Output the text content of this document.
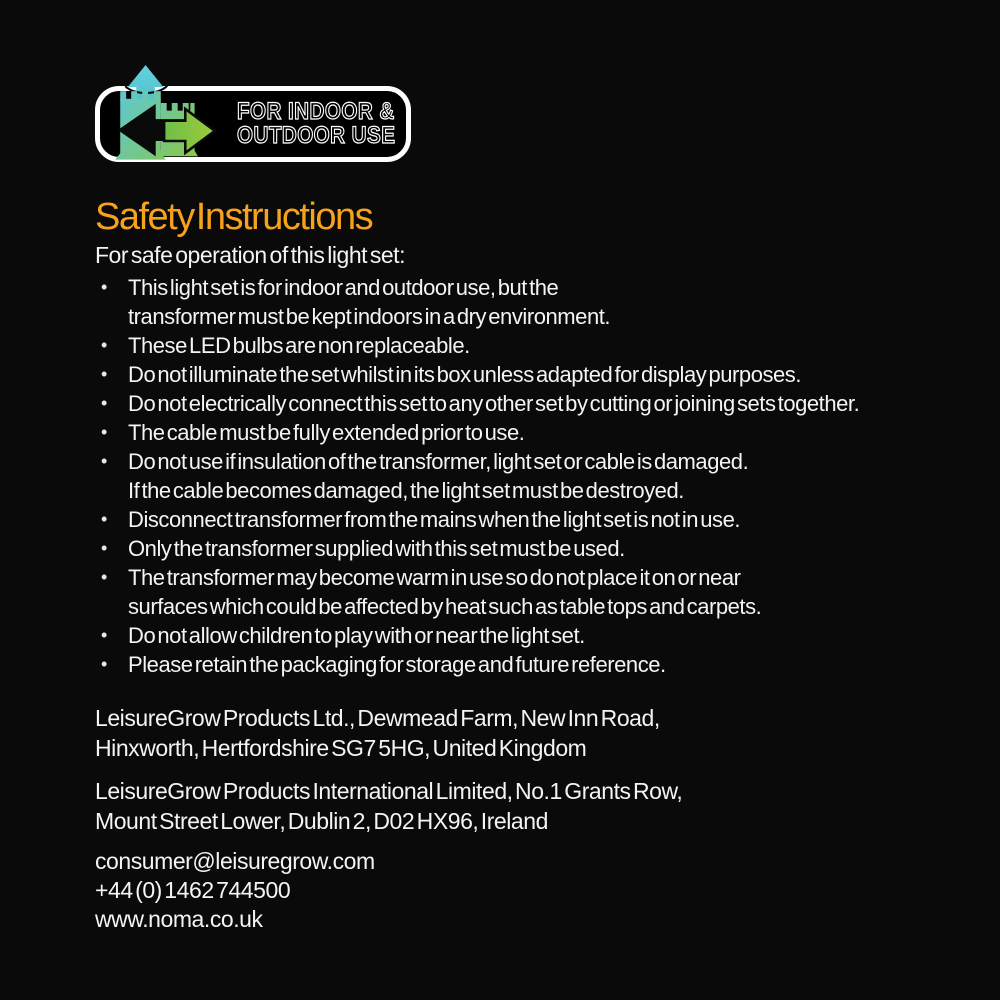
FOR INDOOR &
OUTDOOR USE
Safety Instructions

For safe operation of this light set:

• This light set is for indoor and outdoor use, but the
transformer must be kept indoors in a dry environment.
• These LED bulbs are non replaceable.
• Do not illuminate the set whilst in its box unless adapted for display purposes.
• Do not electrically connect this set to any other set by cutting or joining sets together.
• The cable must be fully extended prior to use.
• Do not use if insulation of the transformer, light set or cable is damaged.
If the cable becomes damaged, the light set must be destroyed.
• Disconnect transformer from the mains when the light set is not in use.
• Only the transformer supplied with this set must be used.
• The transformer may become warm in use so do not place it on or near
surfaces which could be affected by heat such as table tops and carpets.
• Do not allow children to play with or near the light set.
• Please retain the packaging for storage and future reference.
LeisureGrow Products Ltd., Dewmead Farm, New Inn Road,
Hinxworth, Hertfordshire SG7 5HG, United Kingdom
LeisureGrow Products International Limited, No.1 Grants Row,
Mount Street Lower, Dublin 2, D02 HX96, Ireland
consumer@leisuregrow.com
+44 (0) 1462 744500
www.noma.co.uk
